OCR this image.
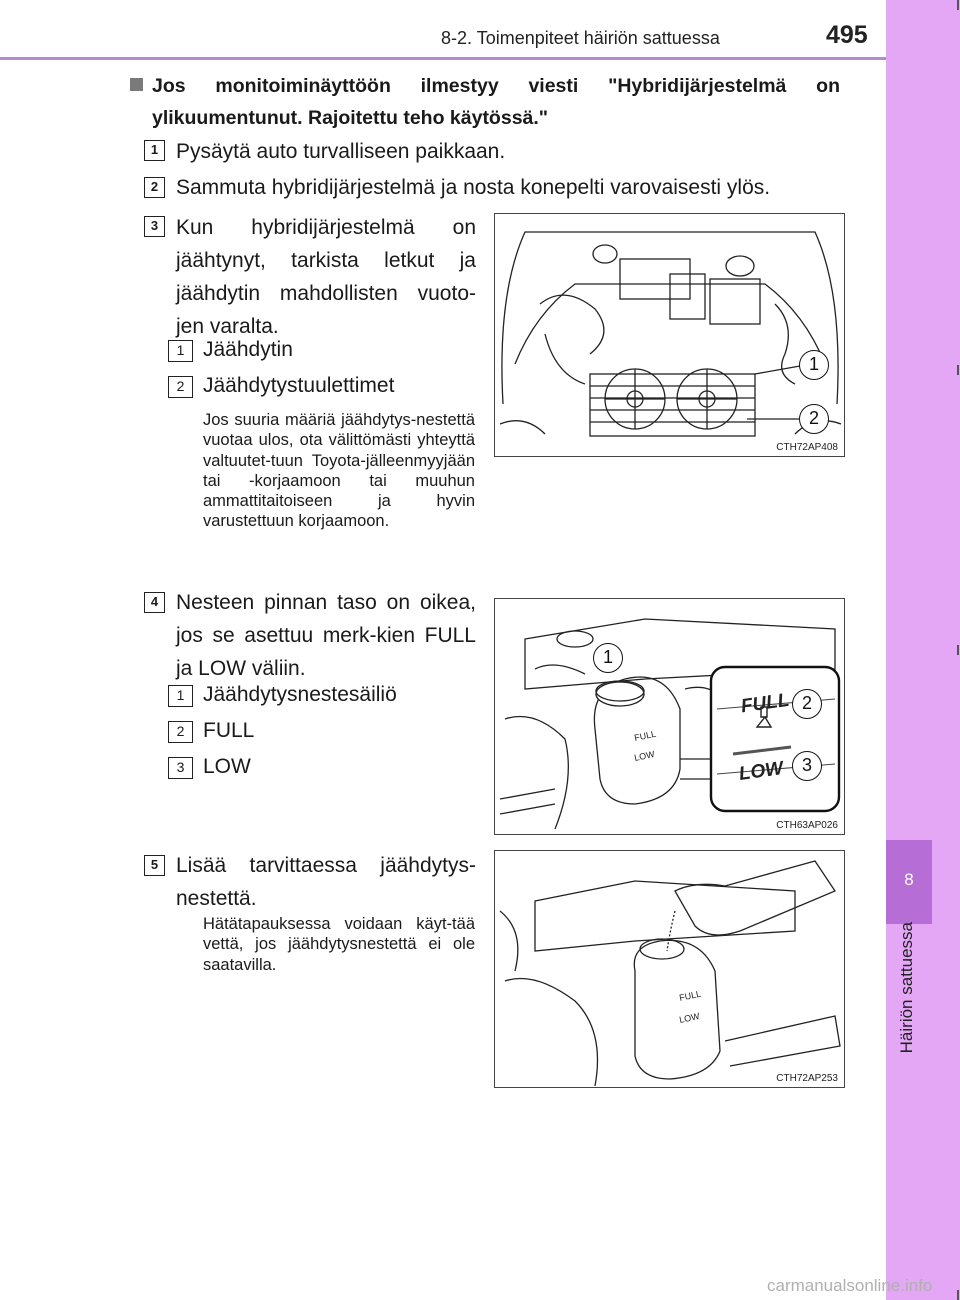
8-2. Toimenpiteet häiriön sattuessa	495
8
Häiriön sattuessa
Jos monitoiminäyttöön ilmestyy viesti "Hybridijärjestelmä on ylikuumentunut. Rajoitettu teho käytössä."
1 Pysäytä auto turvalliseen paikkaan.
2 Sammuta hybridijärjestelmä ja nosta konepelti varovaisesti ylös.
3 Kun hybridijärjestelmä on jäähtynyt, tarkista letkut ja jäähdytin mahdollisten vuoto-jen varalta.
1 Jäähdytin
2 Jäähdytystuulettimet
Jos suuria määriä jäähdytys-nestettä vuotaa ulos, ota välittömästi yhteyttä valtuutet-tuun Toyota-jälleenmyyjään tai -korjaamoon tai muuhun ammattitaitoiseen ja hyvin varustettuun korjaamoon.
1
2
CTH72AP408
4 Nesteen pinnan taso on oikea, jos se asettuu merk-kien FULL ja LOW väliin.
1 Jäähdytysnestesäiliö
2 FULL
3 LOW
FULL
LOW
CTH63AP026
FULL
LOW
1
2
3
5 Lisää tarvittaessa jäähdytys-nestettä.
Hätätapauksessa voidaan käyt-tää vettä, jos jäähdytysnestettä ei ole saatavilla.
FULL
LOW
CTH72AP253
carmanualsonline.info
